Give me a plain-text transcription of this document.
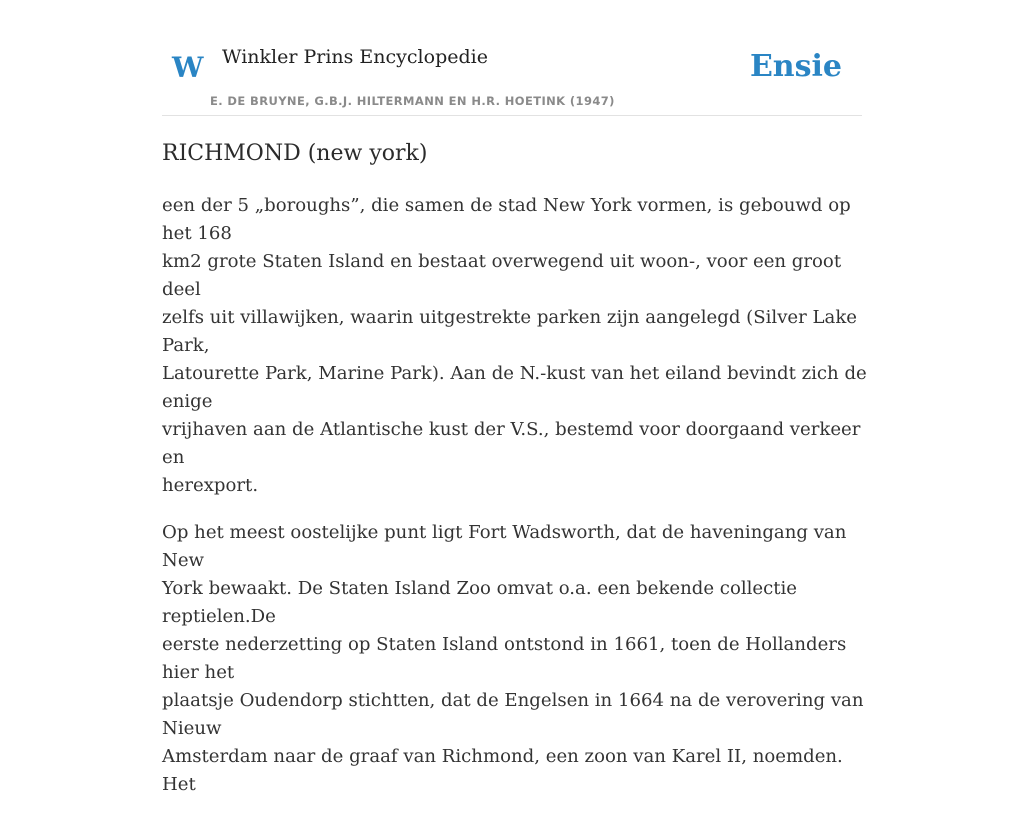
W Winkler Prins Encyclopedie
E. DE BRUYNE, G.B.J. HILTERMANN EN H.R. HOETINK (1947)
Ensie
RICHMOND (new york)

een der 5 „boroughs”, die samen de stad New York vormen, is gebouwd op het 168
km2 grote Staten Island en bestaat overwegend uit woon-, voor een groot deel
zelfs uit villawijken, waarin uitgestrekte parken zijn aangelegd (Silver Lake Park,
Latourette Park, Marine Park). Aan de N.-kust van het eiland bevindt zich de enige
vrijhaven aan de Atlantische kust der V.S., bestemd voor doorgaand verkeer en
herexport.

Op het meest oostelijke punt ligt Fort Wadsworth, dat de haveningang van New
York bewaakt. De Staten Island Zoo omvat o.a. een bekende collectie reptielen.De
eerste nederzetting op Staten Island ontstond in 1661, toen de Hollanders hier het
plaatsje Oudendorp stichtten, dat de Engelsen in 1664 na de verovering van Nieuw
Amsterdam naar de graaf van Richmond, een zoon van Karel II, noemden. Het
